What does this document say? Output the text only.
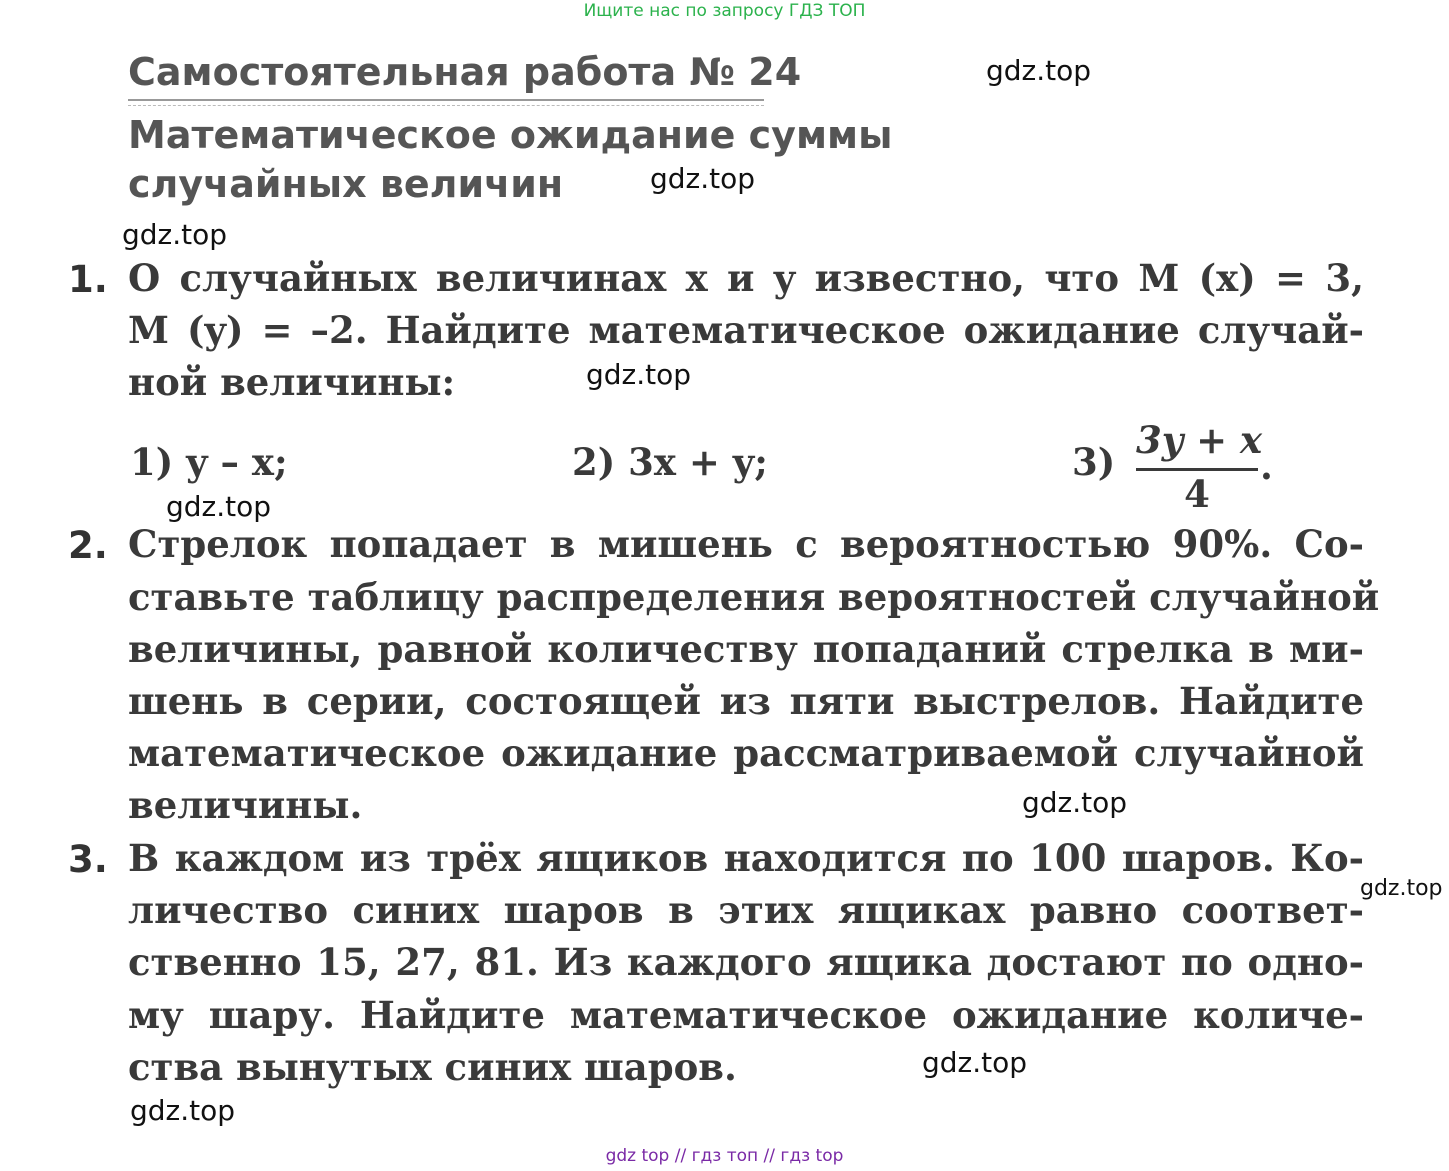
Ищите нас по запросу ГДЗ ТОП
Самостоятельная работа № 24
Математическое ожидание суммы
случайных величин
gdz.top
gdz.top
gdz.top
gdz.top
gdz.top
gdz.top
gdz.top
gdz.top
gdz.top
1. О случайных величинах x и y известно, что M (x) = 3,
M (y) = –2. Найдите математическое ожидание случай-
ной величины:
1) y – x;	2) 3x + y;	3) 3y + x
4
.
2. Стрелок попадает в мишень с вероятностью 90%. Со-
ставьте таблицу распределения вероятностей случайной
величины, равной количеству попаданий стрелка в ми-
шень в серии, состоящей из пяти выстрелов. Найдите
математическое ожидание рассматриваемой случайной
величины.
3. В каждом из трёх ящиков находится по 100 шаров. Ко-
личество синих шаров в этих ящиках равно соответ-
ственно 15, 27, 81. Из каждого ящика достают по одно-
му шару. Найдите математическое ожидание количе-
ства вынутых синих шаров.
gdz top // гдз топ // гдз top
